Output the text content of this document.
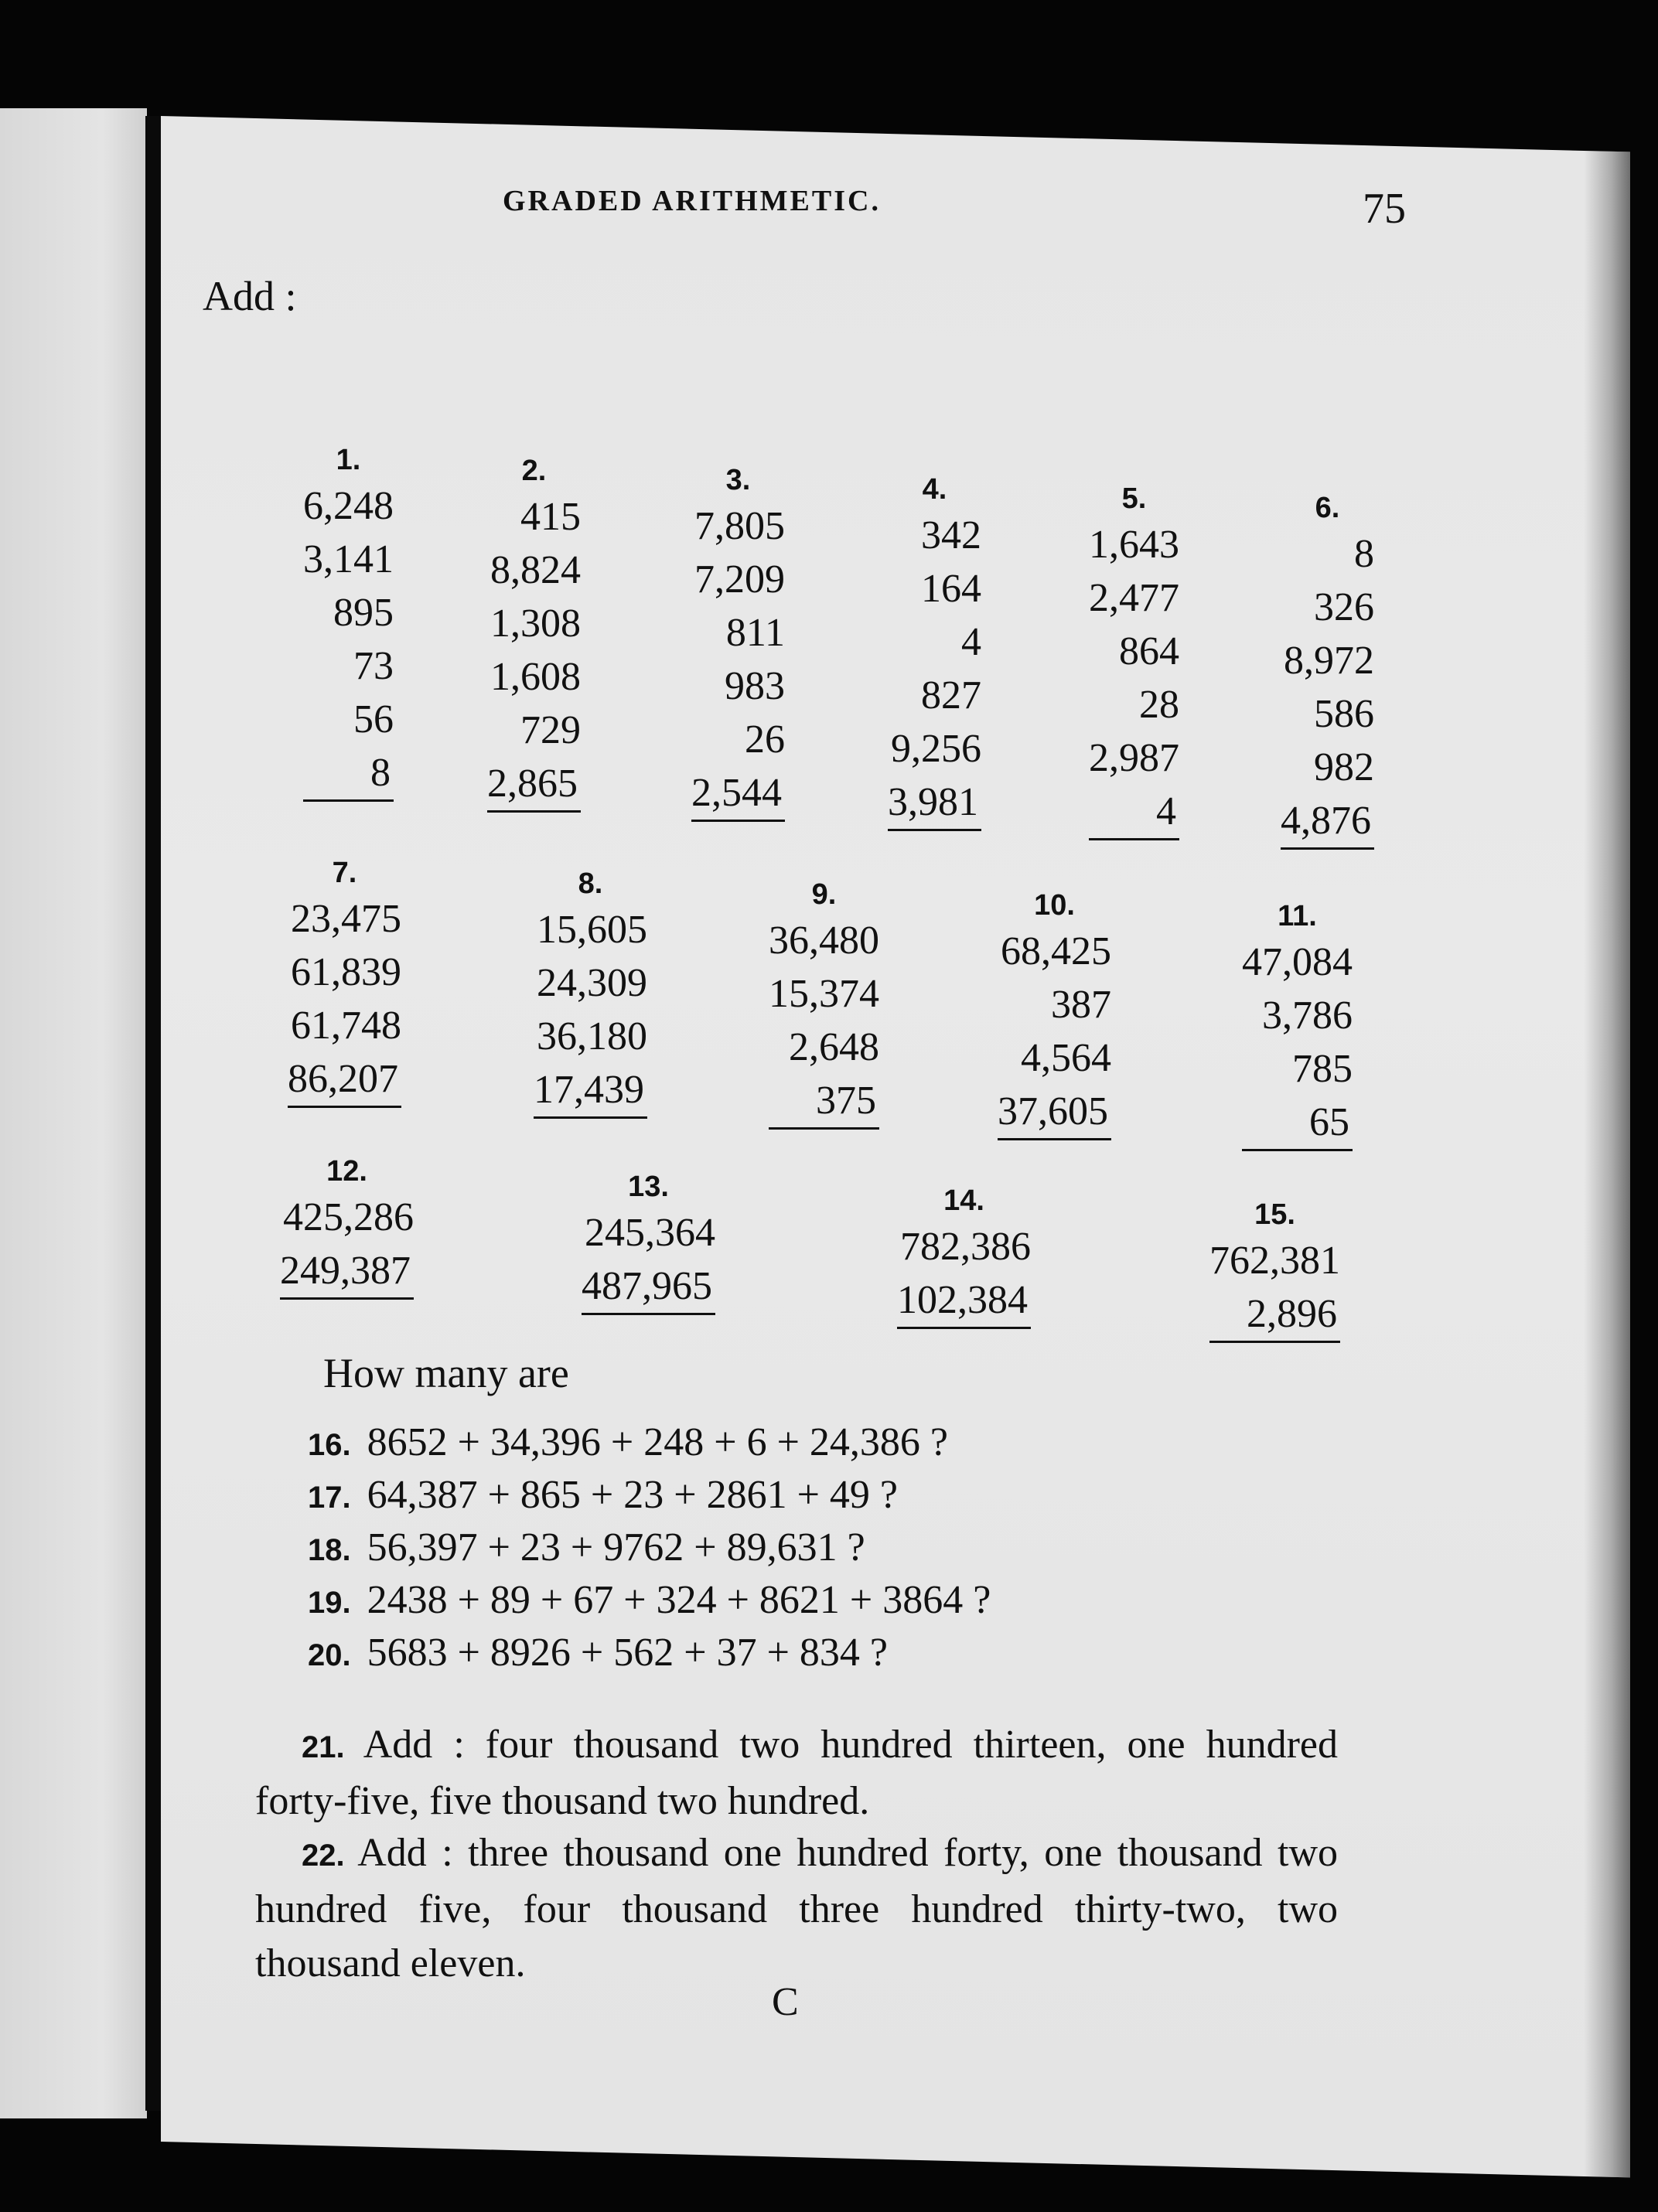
GRADED ARITHMETIC.	75
Add :
1.
6,248
3,141
895
73
56
8
2.
415
8,824
1,308
1,608
729
2,865
3.
7,805
7,209
811
983
26
2,544
4.
342
164
4
827
9,256
3,981
5.
1,643
2,477
864
28
2,987
4
6.
8
326
8,972
586
982
4,876
7.
23,475
61,839
61,748
86,207
8.
15,605
24,309
36,180
17,439
9.
36,480
15,374
2,648
375
10.
68,425
387
4,564
37,605
11.
47,084
3,786
785
65
12.
425,286
249,387
13.
245,364
487,965
14.
782,386
102,384
15.
762,381
2,896
How many are
16. 8652 + 34,396 + 248 + 6 + 24,386 ?
17. 64,387 + 865 + 23 + 2861 + 49 ?
18. 56,397 + 23 + 9762 + 89,631 ?
19. 2438 + 89 + 67 + 324 + 8621 + 3864 ?
20. 5683 + 8926 + 562 + 37 + 834 ?
21. Add : four thousand two hundred thirteen, one hundred forty-five, five thousand two hundred.
22. Add : three thousand one hundred forty, one thousand two hundred five, four thousand three hundred thirty-two, two thousand eleven.
C
